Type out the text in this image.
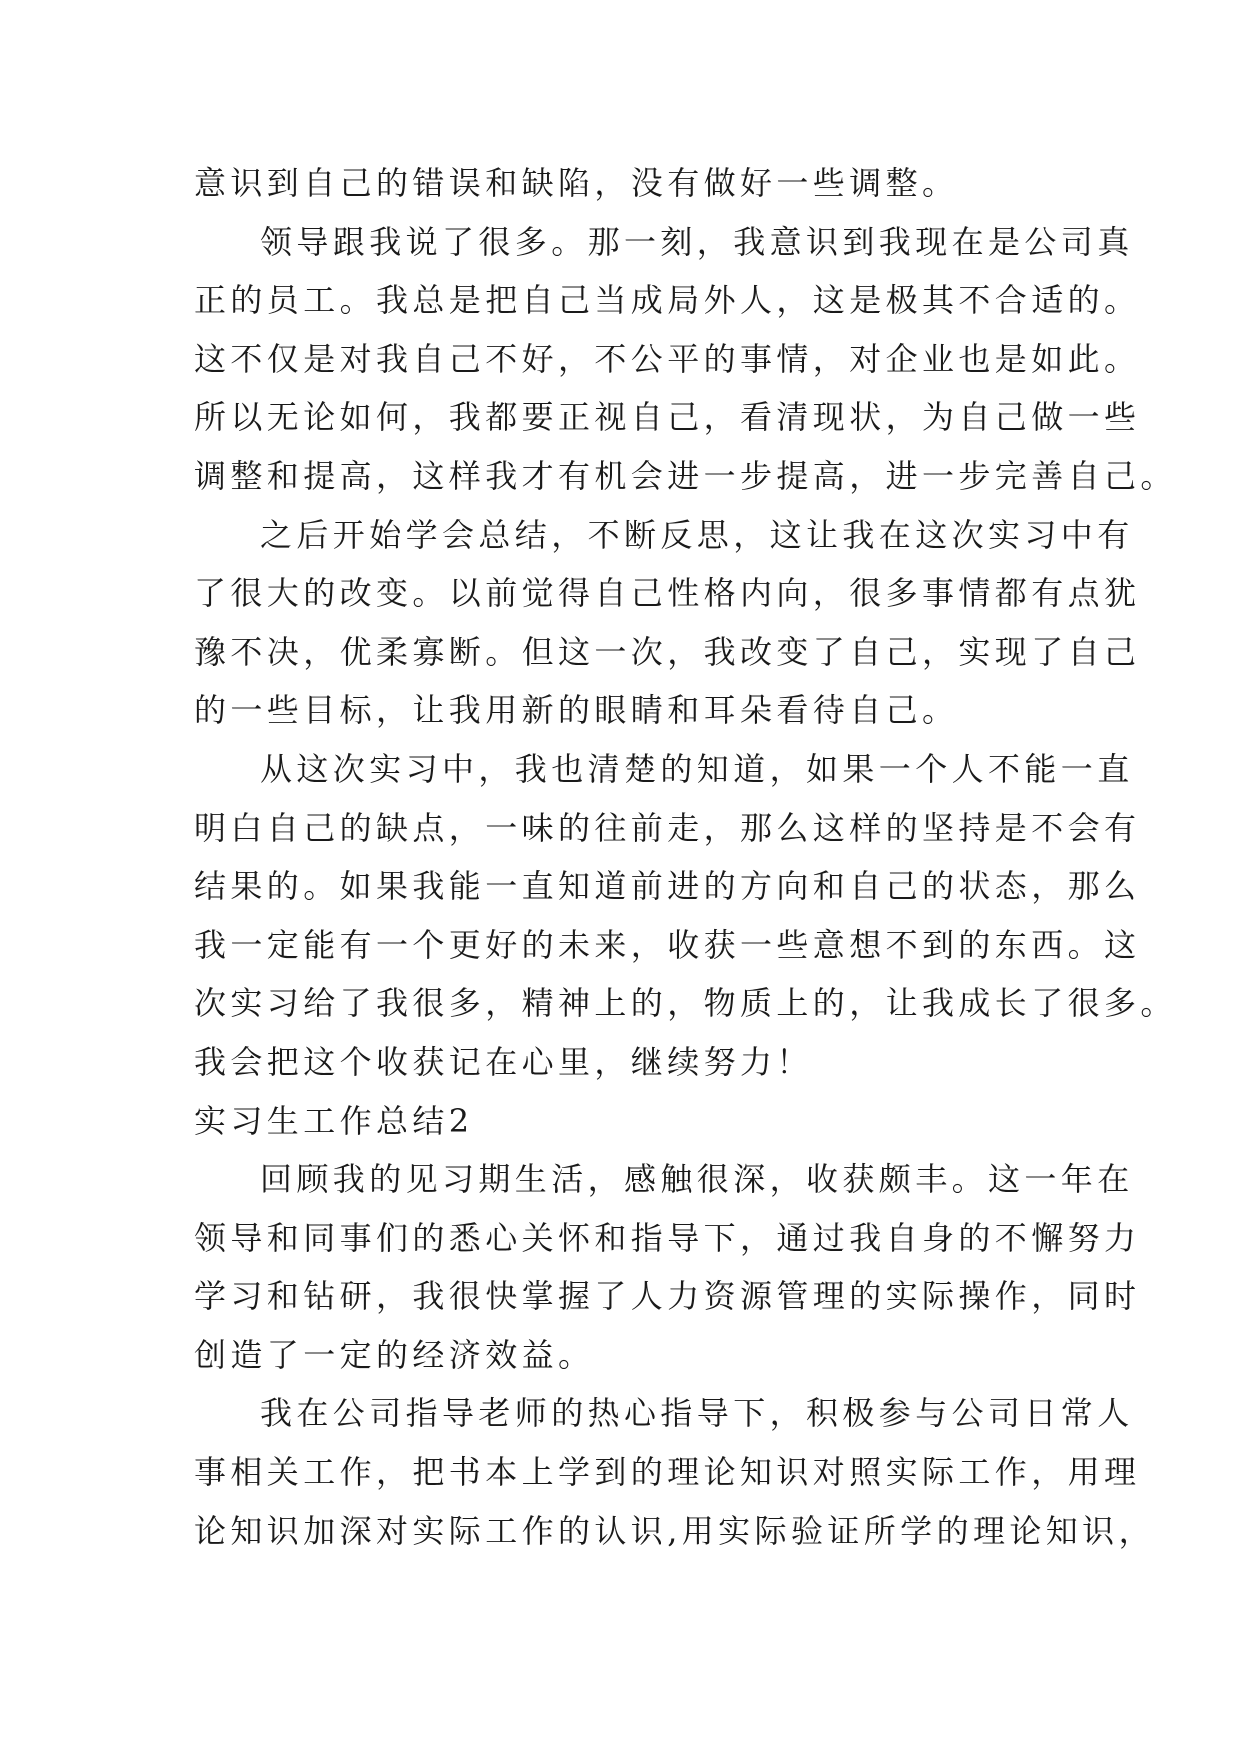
意识到自己的错误和缺陷，没有做好一些调整。
领导跟我说了很多。那一刻，我意识到我现在是公司真
正的员工。我总是把自己当成局外人，这是极其不合适的。
这不仅是对我自己不好，不公平的事情，对企业也是如此。
所以无论如何，我都要正视自己，看清现状，为自己做一些
调整和提高，这样我才有机会进一步提高，进一步完善自己。
之后开始学会总结，不断反思，这让我在这次实习中有
了很大的改变。以前觉得自己性格内向，很多事情都有点犹
豫不决，优柔寡断。但这一次，我改变了自己，实现了自己
的一些目标，让我用新的眼睛和耳朵看待自己。
从这次实习中，我也清楚的知道，如果一个人不能一直
明白自己的缺点，一味的往前走，那么这样的坚持是不会有
结果的。如果我能一直知道前进的方向和自己的状态，那么
我一定能有一个更好的未来，收获一些意想不到的东西。这
次实习给了我很多，精神上的，物质上的，让我成长了很多。
我会把这个收获记在心里，继续努力！
实习生工作总结2
回顾我的见习期生活，感触很深，收获颇丰。这一年在
领导和同事们的悉心关怀和指导下，通过我自身的不懈努力
学习和钻研，我很快掌握了人力资源管理的实际操作，同时
创造了一定的经济效益。
我在公司指导老师的热心指导下，积极参与公司日常人
事相关工作，把书本上学到的理论知识对照实际工作，用理
论知识加深对实际工作的认识,用实际验证所学的理论知识，
